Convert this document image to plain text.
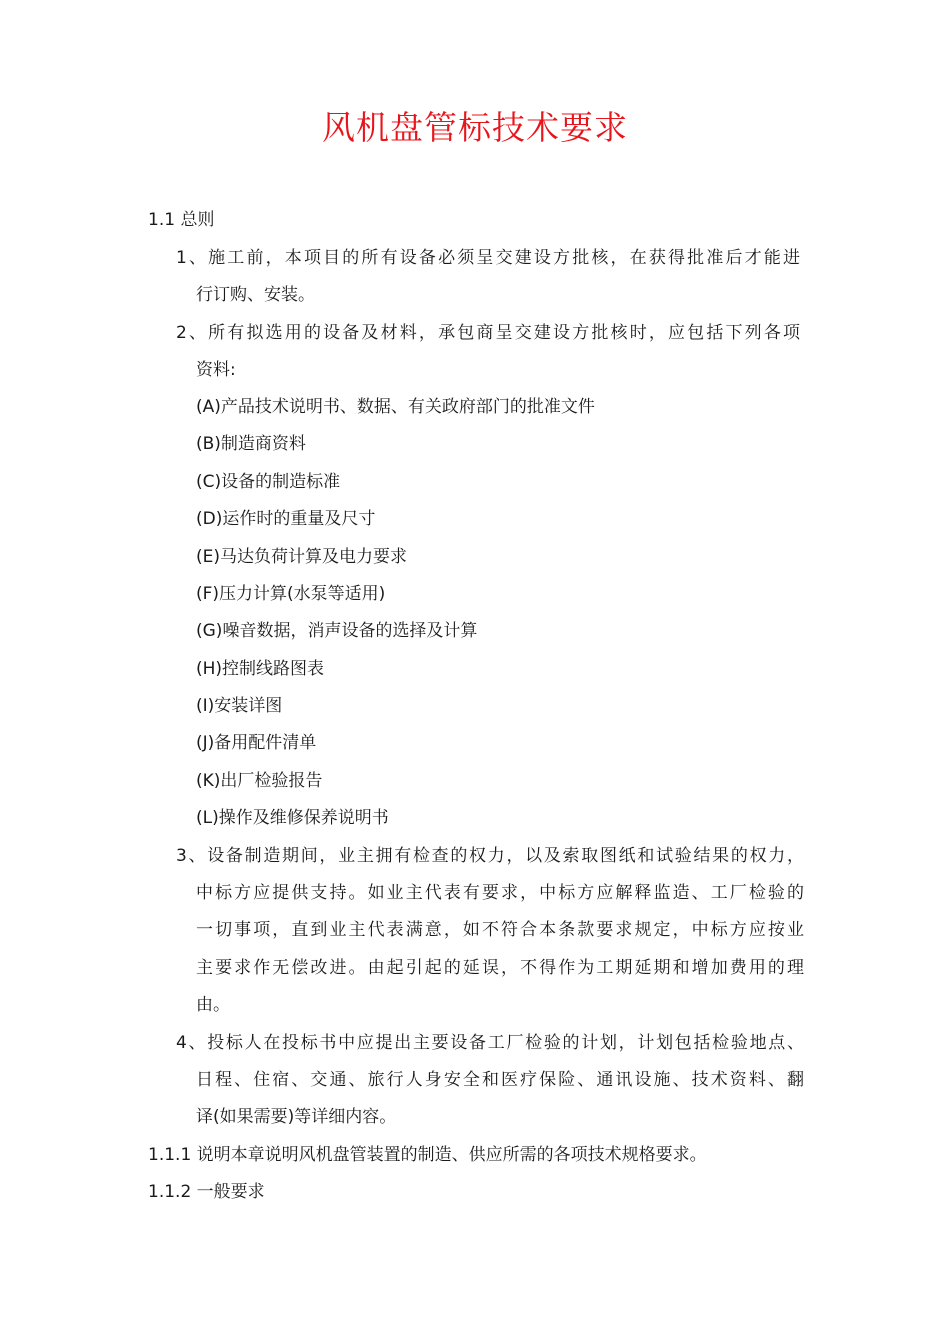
风机盘管标技术要求
1.1 总则
1、施工前，本项目的所有设备必须呈交建设方批核，在获得批准后才能进
行订购、安装。
2、所有拟选用的设备及材料，承包商呈交建设方批核时，应包括下列各项
资料:
(A)产品技术说明书、数据、有关政府部门的批准文件
(B)制造商资料
(C)设备的制造标准
(D)运作时的重量及尺寸
(E)马达负荷计算及电力要求
(F)压力计算(水泵等适用)
(G)噪音数据，消声设备的选择及计算
(H)控制线路图表
(I)安装详图
(J)备用配件清单
(K)出厂检验报告
(L)操作及维修保养说明书
3、设备制造期间，业主拥有检查的权力，以及索取图纸和试验结果的权力，
中标方应提供支持。如业主代表有要求，中标方应解释监造、工厂检验的
一切事项，直到业主代表满意，如不符合本条款要求规定，中标方应按业
主要求作无偿改进。由起引起的延误，不得作为工期延期和增加费用的理
由。
4、投标人在投标书中应提出主要设备工厂检验的计划，计划包括检验地点、
日程、住宿、交通、旅行人身安全和医疗保险、通讯设施、技术资料、翻
译(如果需要)等详细内容。
1.1.1 说明本章说明风机盘管装置的制造、供应所需的各项技术规格要求。
1.1.2 一般要求
